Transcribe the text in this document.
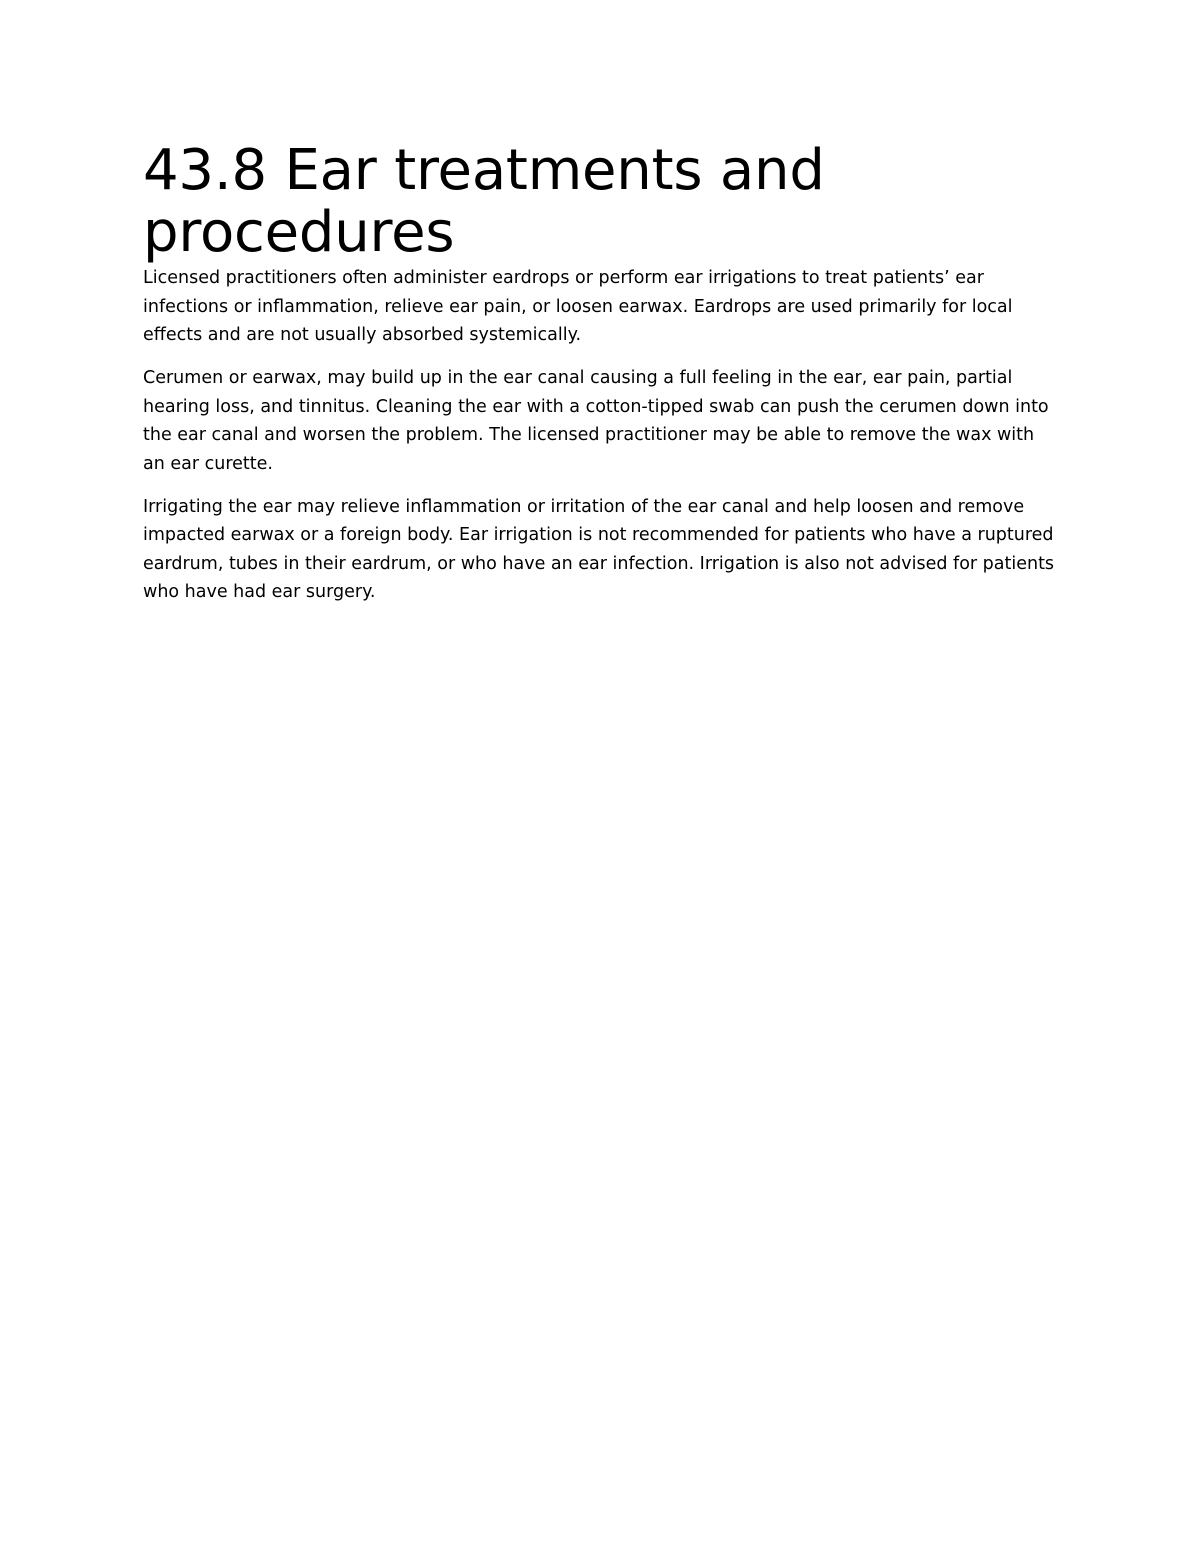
43.8 Ear treatments and
procedures

Licensed practitioners often administer eardrops or perform ear irrigations to treat patients’ ear infections or inflammation, relieve ear pain, or loosen earwax. Eardrops are used primarily for local effects and are not usually absorbed systemically.

Cerumen or earwax, may build up in the ear canal causing a full feeling in the ear, ear pain, partial hearing loss, and tinnitus. Cleaning the ear with a cotton-tipped swab can push the cerumen down into the ear canal and worsen the problem. The licensed practitioner may be able to remove the wax with an ear curette.

Irrigating the ear may relieve inflammation or irritation of the ear canal and help loosen and remove impacted earwax or a foreign body. Ear irrigation is not recommended for patients who have a ruptured eardrum, tubes in their eardrum, or who have an ear infection. Irrigation is also not advised for patients who have had ear surgery.
